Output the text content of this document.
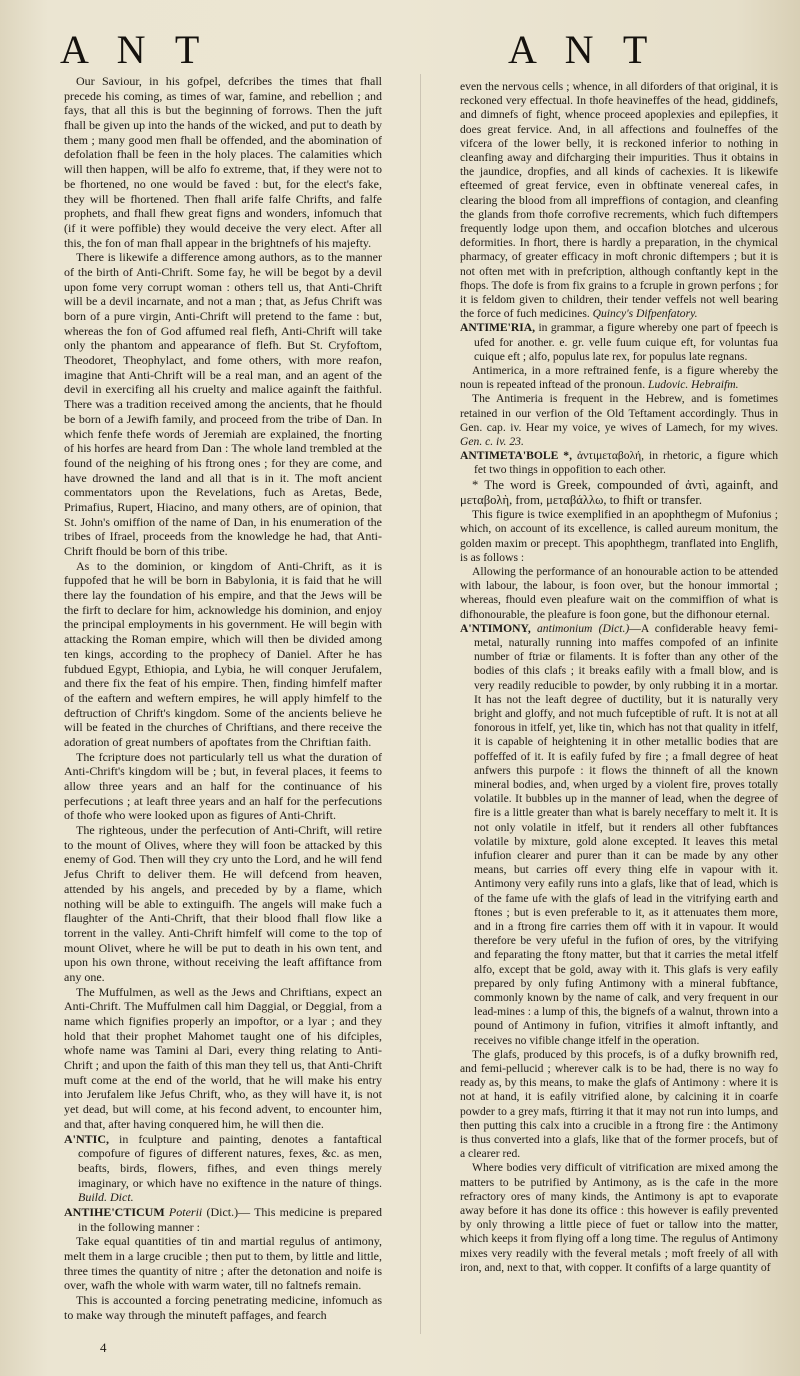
A N T	A N T

Our Saviour, in his gofpel, defcribes the times that fhall precede his coming, as times of war, famine, and rebellion ; and fays, that all this is but the beginning of forrows. Then the juft fhall be given up into the hands of the wicked, and put to death by them ; many good men fhall be offended, and the abomination of defolation fhall be feen in the holy places. The calamities which will then happen, will be alfo fo extreme, that, if they were not to be fhortened, no one would be faved : but, for the elect's fake, they will be fhortened. Then fhall arife falfe Chrifts, and falfe prophets, and fhall fhew great figns and wonders, infomuch that (if it were poffible) they would deceive the very elect. After all this, the fon of man fhall appear in the brightnefs of his majefty.

There is likewife a difference among authors, as to the manner of the birth of Anti-Chrift. Some fay, he will be begot by a devil upon fome very corrupt woman : others tell us, that Anti-Chrift will be a devil incarnate, and not a man ; that, as Jefus Chrift was born of a pure virgin, Anti-Chrift will pretend to the fame : but, whereas the fon of God affumed real flefh, Anti-Chrift will take only the phantom and appearance of flefh. But St. Cryfoftom, Theodoret, Theophylact, and fome others, with more reafon, imagine that Anti-Chrift will be a real man, and an agent of the devil in exercifing all his cruelty and malice againft the faithful. There was a tradition received among the ancients, that he fhould be born of a Jewifh family, and proceed from the tribe of Dan. In which fenfe thefe words of Jeremiah are explained, the fnorting of his horfes are heard from Dan : The whole land trembled at the found of the neighing of his ftrong ones ; for they are come, and have drowned the land and all that is in it. The moft ancient commentators upon the Revelations, fuch as Aretas, Bede, Primafius, Rupert, Hiacino, and many others, are of opinion, that St. John's omiffion of the name of Dan, in his enumeration of the tribes of Ifrael, proceeds from the knowledge he had, that Anti-Chrift fhould be born of this tribe.

As to the dominion, or kingdom of Anti-Chrift, as it is fuppofed that he will be born in Babylonia, it is faid that he will there lay the foundation of his empire, and that the Jews will be the firft to declare for him, acknowledge his dominion, and enjoy the principal employments in his government. He will begin with attacking the Roman empire, which will then be divided among ten kings, according to the prophecy of Daniel. After he has fubdued Egypt, Ethiopia, and Lybia, he will conquer Jerufalem, and there fix the feat of his empire. Then, finding himfelf mafter of the eaftern and weftern empires, he will apply himfelf to the deftruction of Chrift's kingdom. Some of the ancients believe he will be feated in the churches of Chriftians, and there receive the adoration of great numbers of apoftates from the Chriftian faith.

The fcripture does not particularly tell us what the duration of Anti-Chrift's kingdom will be ; but, in feveral places, it feems to allow three years and an half for the continuance of his perfecutions ; at leaft three years and an half for the perfecutions of thofe who were looked upon as figures of Anti-Chrift.

The righteous, under the perfecution of Anti-Chrift, will retire to the mount of Olives, where they will foon be attacked by this enemy of God. Then will they cry unto the Lord, and he will fend Jefus Chrift to deliver them. He will defcend from heaven, attended by his angels, and preceded by by a flame, which nothing will be able to extinguifh. The angels will make fuch a flaughter of the Anti-Chrift, that their blood fhall flow like a torrent in the valley. Anti-Chrift himfelf will come to the top of mount Olivet, where he will be put to death in his own tent, and upon his own throne, without receiving the leaft affiftance from any one.

The Muffulmen, as well as the Jews and Chriftians, expect an Anti-Chrift. The Muffulmen call him Daggial, or Deggial, from a name which fignifies properly an impoftor, or a lyar ; and they hold that their prophet Mahomet taught one of his difciples, whofe name was Tamini al Dari, every thing relating to Anti-Chrift ; and upon the faith of this man they tell us, that Anti-Chrift muft come at the end of the world, that he will make his entry into Jerufalem like Jefus Chrift, who, as they will have it, is not yet dead, but will come, at his fecond advent, to encounter him, and that, after having conquered him, he will then die.

A'NTIC, in fculpture and painting, denotes a fantaftical compofure of figures of different natures, fexes, &c. as men, beafts, birds, flowers, fifhes, and even things merely imaginary, or which have no exiftence in the nature of things. Build. Dict.

ANTIHE'CTICUM Poterii (Dict.)— This medicine is prepared in the following manner :

Take equal quantities of tin and martial regulus of antimony, melt them in a large crucible ; then put to them, by little and little, three times the quantity of nitre ; after the detonation and noife is over, wafh the whole with warm water, till no faltnefs remain.

This is accounted a forcing penetrating medicine, infomuch as to make way through the minuteft paffages, and fearch

even the nervous cells ; whence, in all diforders of that original, it is reckoned very effectual. In thofe heavineffes of the head, giddinefs, and dimnefs of fight, whence proceed apoplexies and epilepfies, it does great fervice. And, in all affections and foulneffes of the vifcera of the lower belly, it is reckoned inferior to nothing in cleanfing away and difcharging their impurities. Thus it obtains in the jaundice, dropfies, and all kinds of cachexies. It is likewife efteemed of great fervice, even in obftinate venereal cafes, in clearing the blood from all impreffions of contagion, and cleanfing the glands from thofe corrofive recrements, which fuch diftempers frequently lodge upon them, and occafion blotches and ulcerous deformities. In fhort, there is hardly a preparation, in the chymical pharmacy, of greater efficacy in moft chronic diftempers ; but it is not often met with in prefcription, although conftantly kept in the fhops. The dofe is from fix grains to a fcruple in grown perfons ; for it is feldom given to children, their tender veffels not well bearing the force of fuch medicines. Quincy's Difpenfatory.

ANTIME'RIA, in grammar, a figure whereby one part of fpeech is ufed for another. e. gr. velle fuum cuique eft, for voluntas fua cuique eft ; alfo, populus late rex, for populus late regnans.

Antimerica, in a more reftrained fenfe, is a figure whereby the noun is repeated inftead of the pronoun. Ludovic. Hebraifm.

The Antimeria is frequent in the Hebrew, and is fometimes retained in our verfion of the Old Teftament accordingly. Thus in Gen. cap. iv. Hear my voice, ye wives of Lamech, for my wives. Gen. c. iv. 23.

ANTIMETA'BOLE *, ἀντιμεταβολή, in rhetoric, a figure which fet two things in oppofition to each other.

* The word is Greek, compounded of ἀντὶ, againft, and μεταβολὴ, from, μεταβάλλω, to fhift or transfer.

This figure is twice exemplified in an apophthegm of Mufonius ; which, on account of its excellence, is called aureum monitum, the golden maxim or precept. This apophthegm, tranflated into Englifh, is as follows :

Allowing the performance of an honourable action to be attended with labour, the labour, is foon over, but the honour immortal ; whereas, fhould even pleafure wait on the commiffion of what is difhonourable, the pleafure is foon gone, but the difhonour eternal.

A'NTIMONY, antimonium (Dict.)—A confiderable heavy femi-metal, naturally running into maffes compofed of an infinite number of ftriæ or filaments. It is fofter than any other of the bodies of this clafs ; it breaks eafily with a fmall blow, and is very readily reducible to powder, by only rubbing it in a mortar. It has not the leaft degree of ductility, but it is naturally very bright and gloffy, and not much fufceptible of ruft. It is not at all fonorous in itfelf, yet, like tin, which has not that quality in itfelf, it is capable of heightening it in other metallic bodies that are poffeffed of it. It is eafily fufed by fire ; a fmall degree of heat anfwers this purpofe : it flows the thinneft of all the known mineral bodies, and, when urged by a violent fire, proves totally volatile. It bubbles up in the manner of lead, when the degree of fire is a little greater than what is barely neceffary to melt it. It is not only volatile in itfelf, but it renders all other fubftances volatile by mixture, gold alone excepted. It leaves this metal infufion clearer and purer than it can be made by any other means, but carries off every thing elfe in vapour with it. Antimony very eafily runs into a glafs, like that of lead, which is of the fame ufe with the glafs of lead in the vitrifying earth and ftones ; but is even preferable to it, as it attenuates them more, and in a ftrong fire carries them off with it in vapour. It would therefore be very ufeful in the fufion of ores, by the vitrifying and feparating the ftony matter, but that it carries the metal itfelf alfo, except that be gold, away with it. This glafs is very eafily prepared by only fufing Antimony with a mineral fubftance, commonly known by the name of calk, and very frequent in our lead-mines : a lump of this, the bignefs of a walnut, thrown into a pound of Antimony in fufion, vitrifies it almoft inftantly, and receives no vifible change itfelf in the operation.

The glafs, produced by this procefs, is of a dufky brownifh red, and femi-pellucid ; wherever calk is to be had, there is no way fo ready as, by this means, to make the glafs of Antimony : where it is not at hand, it is eafily vitrified alone, by calcining it in coarfe powder to a grey mafs, ftirring it that it may not run into lumps, and then putting this calx into a crucible in a ftrong fire : the Antimony is thus converted into a glafs, like that of the former procefs, but of a clearer red.

Where bodies very difficult of vitrification are mixed among the matters to be putrified by Antimony, as is the cafe in the more refractory ores of many kinds, the Antimony is apt to evaporate away before it has done its office : this however is eafily prevented by only throwing a little piece of fuet or tallow into the matter, which keeps it from flying off a long time. The regulus of Antimony mixes very readily with the feveral metals ; moft freely of all with iron, and, next to that, with copper. It confifts of a large quantity of

4
